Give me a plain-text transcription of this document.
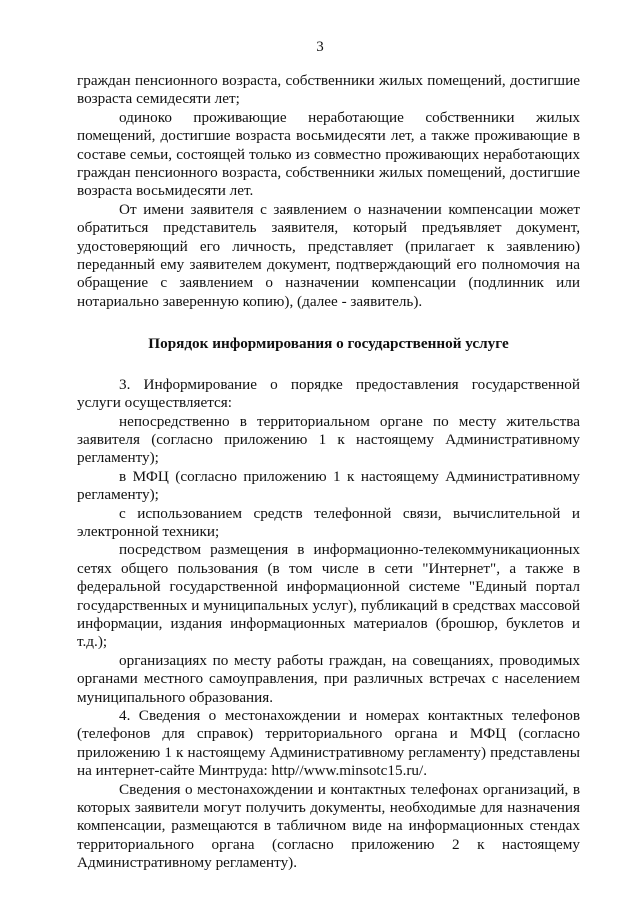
3

граждан пенсионного возраста, собственники жилых помещений, достигшие возраста семидесяти лет;

одиноко проживающие неработающие собственники жилых помещений, достигшие возраста восьмидесяти лет, а также проживающие в составе семьи, состоящей только из совместно проживающих неработающих граждан пенсионного возраста, собственники жилых помещений, достигшие возраста восьмидесяти лет.

От имени заявителя с заявлением о назначении компенсации может обратиться представитель заявителя, который предъявляет документ, удостоверяющий его личность, представляет (прилагает к заявлению) переданный ему заявителем документ, подтверждающий его полномочия на обращение с заявлением о назначении компенсации (подлинник или нотариально заверенную копию), (далее - заявитель).

Порядок информирования о государственной услуге

3. Информирование о порядке предоставления государственной услуги осуществляется:

непосредственно в территориальном органе по месту жительства заявителя (согласно приложению 1 к настоящему Административному регламенту);

в МФЦ (согласно приложению 1 к настоящему Административному регламенту);

с использованием средств телефонной связи, вычислительной и электронной техники;

посредством размещения в информационно-телекоммуникационных сетях общего пользования (в том числе в сети "Интернет", а также в федеральной государственной информационной системе "Единый портал государственных и муниципальных услуг), публикаций в средствах массовой информации, издания информационных материалов (брошюр, буклетов и т.д.);

организациях по месту работы граждан, на совещаниях, проводимых органами местного самоуправления, при различных встречах с населением муниципального образования.

4. Сведения о местонахождении и номерах контактных телефонов (телефонов для справок) территориального органа и МФЦ (согласно приложению 1 к настоящему Административному регламенту) представлены на интернет-сайте Минтруда: http//www.minsotc15.ru/.

Сведения о местонахождении и контактных телефонах организаций, в которых заявители могут получить документы, необходимые для назначения компенсации, размещаются в табличном виде на информационных стендах территориального органа (согласно приложению 2 к настоящему Административному регламенту).
